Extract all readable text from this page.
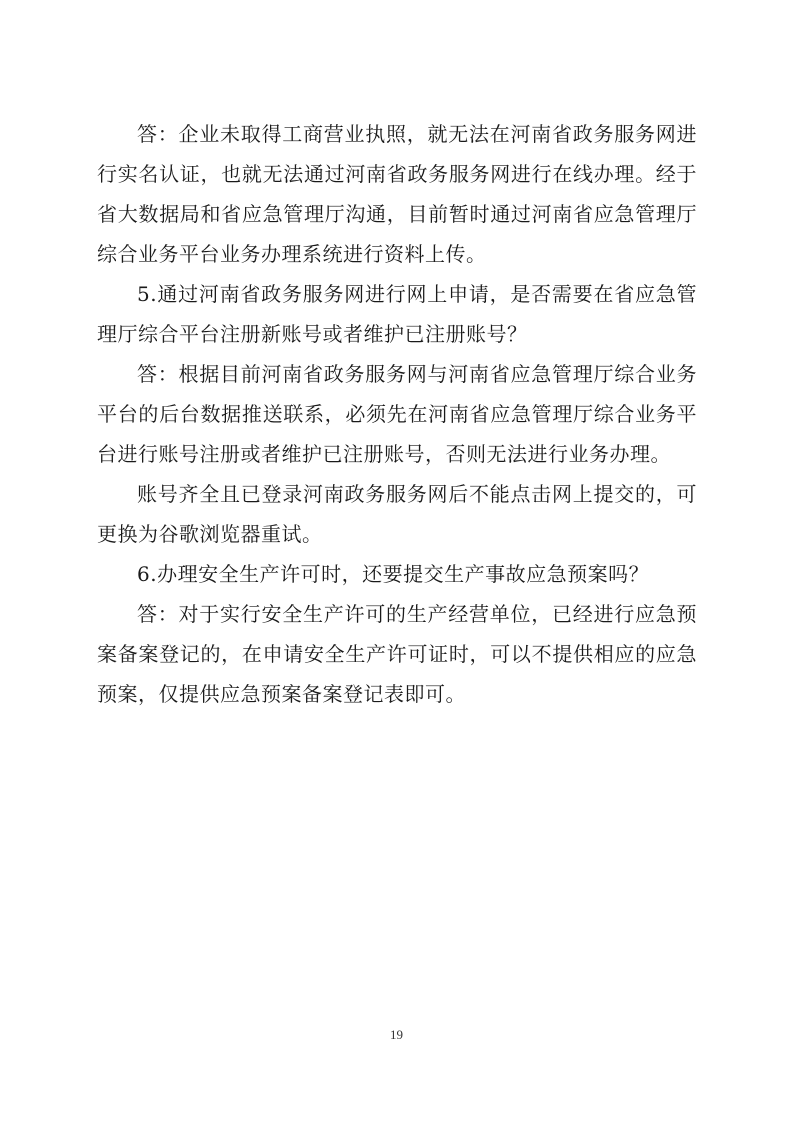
答：企业未取得工商营业执照，就无法在河南省政务服务网进行实名认证，也就无法通过河南省政务服务网进行在线办理。经于省大数据局和省应急管理厅沟通，目前暂时通过河南省应急管理厅综合业务平台业务办理系统进行资料上传。

5.通过河南省政务服务网进行网上申请，是否需要在省应急管理厅综合平台注册新账号或者维护已注册账号？

答：根据目前河南省政务服务网与河南省应急管理厅综合业务平台的后台数据推送联系，必须先在河南省应急管理厅综合业务平台进行账号注册或者维护已注册账号，否则无法进行业务办理。

账号齐全且已登录河南政务服务网后不能点击网上提交的，可更换为谷歌浏览器重试。

6.办理安全生产许可时，还要提交生产事故应急预案吗？

答：对于实行安全生产许可的生产经营单位，已经进行应急预案备案登记的，在申请安全生产许可证时，可以不提供相应的应急预案，仅提供应急预案备案登记表即可。

19
